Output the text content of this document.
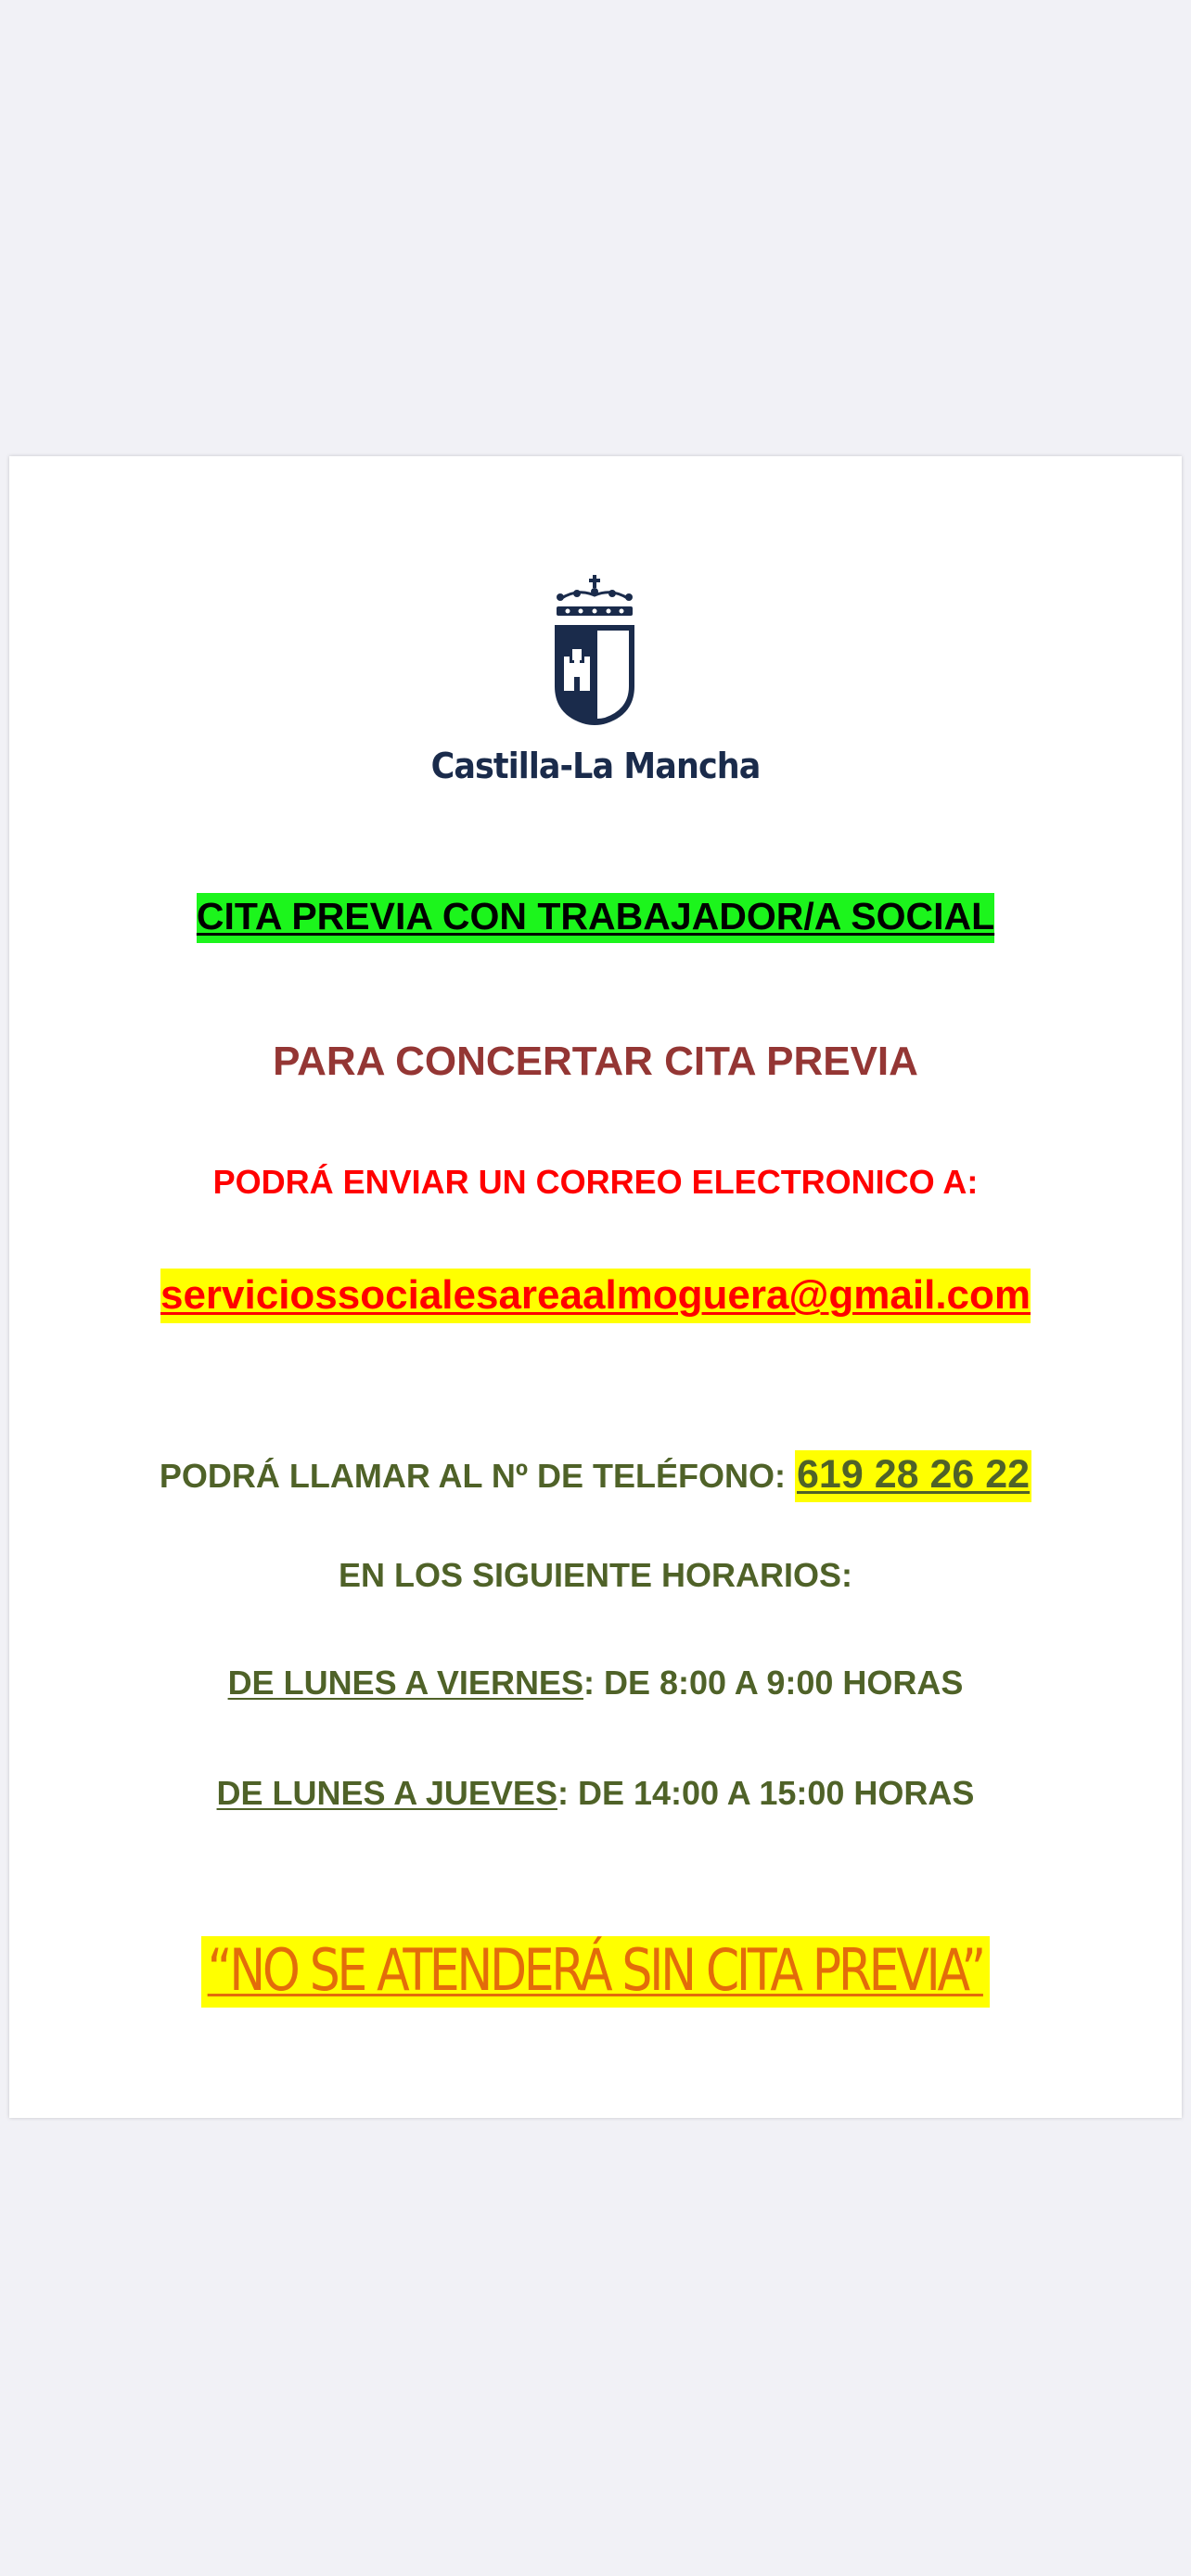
Castilla-La Mancha
CITA PREVIA CON TRABAJADOR/A SOCIAL
PARA CONCERTAR CITA PREVIA
PODRÁ ENVIAR UN CORREO ELECTRONICO A:
serviciossocialesareaalmoguera@gmail.com
PODRÁ LLAMAR AL Nº DE TELÉFONO: 619 28 26 22
EN LOS SIGUIENTE HORARIOS:
DE LUNES A VIERNES: DE 8:00 A 9:00 HORAS
DE LUNES A JUEVES: DE 14:00 A 15:00 HORAS
“NO SE ATENDERÁ SIN CITA PREVIA”
